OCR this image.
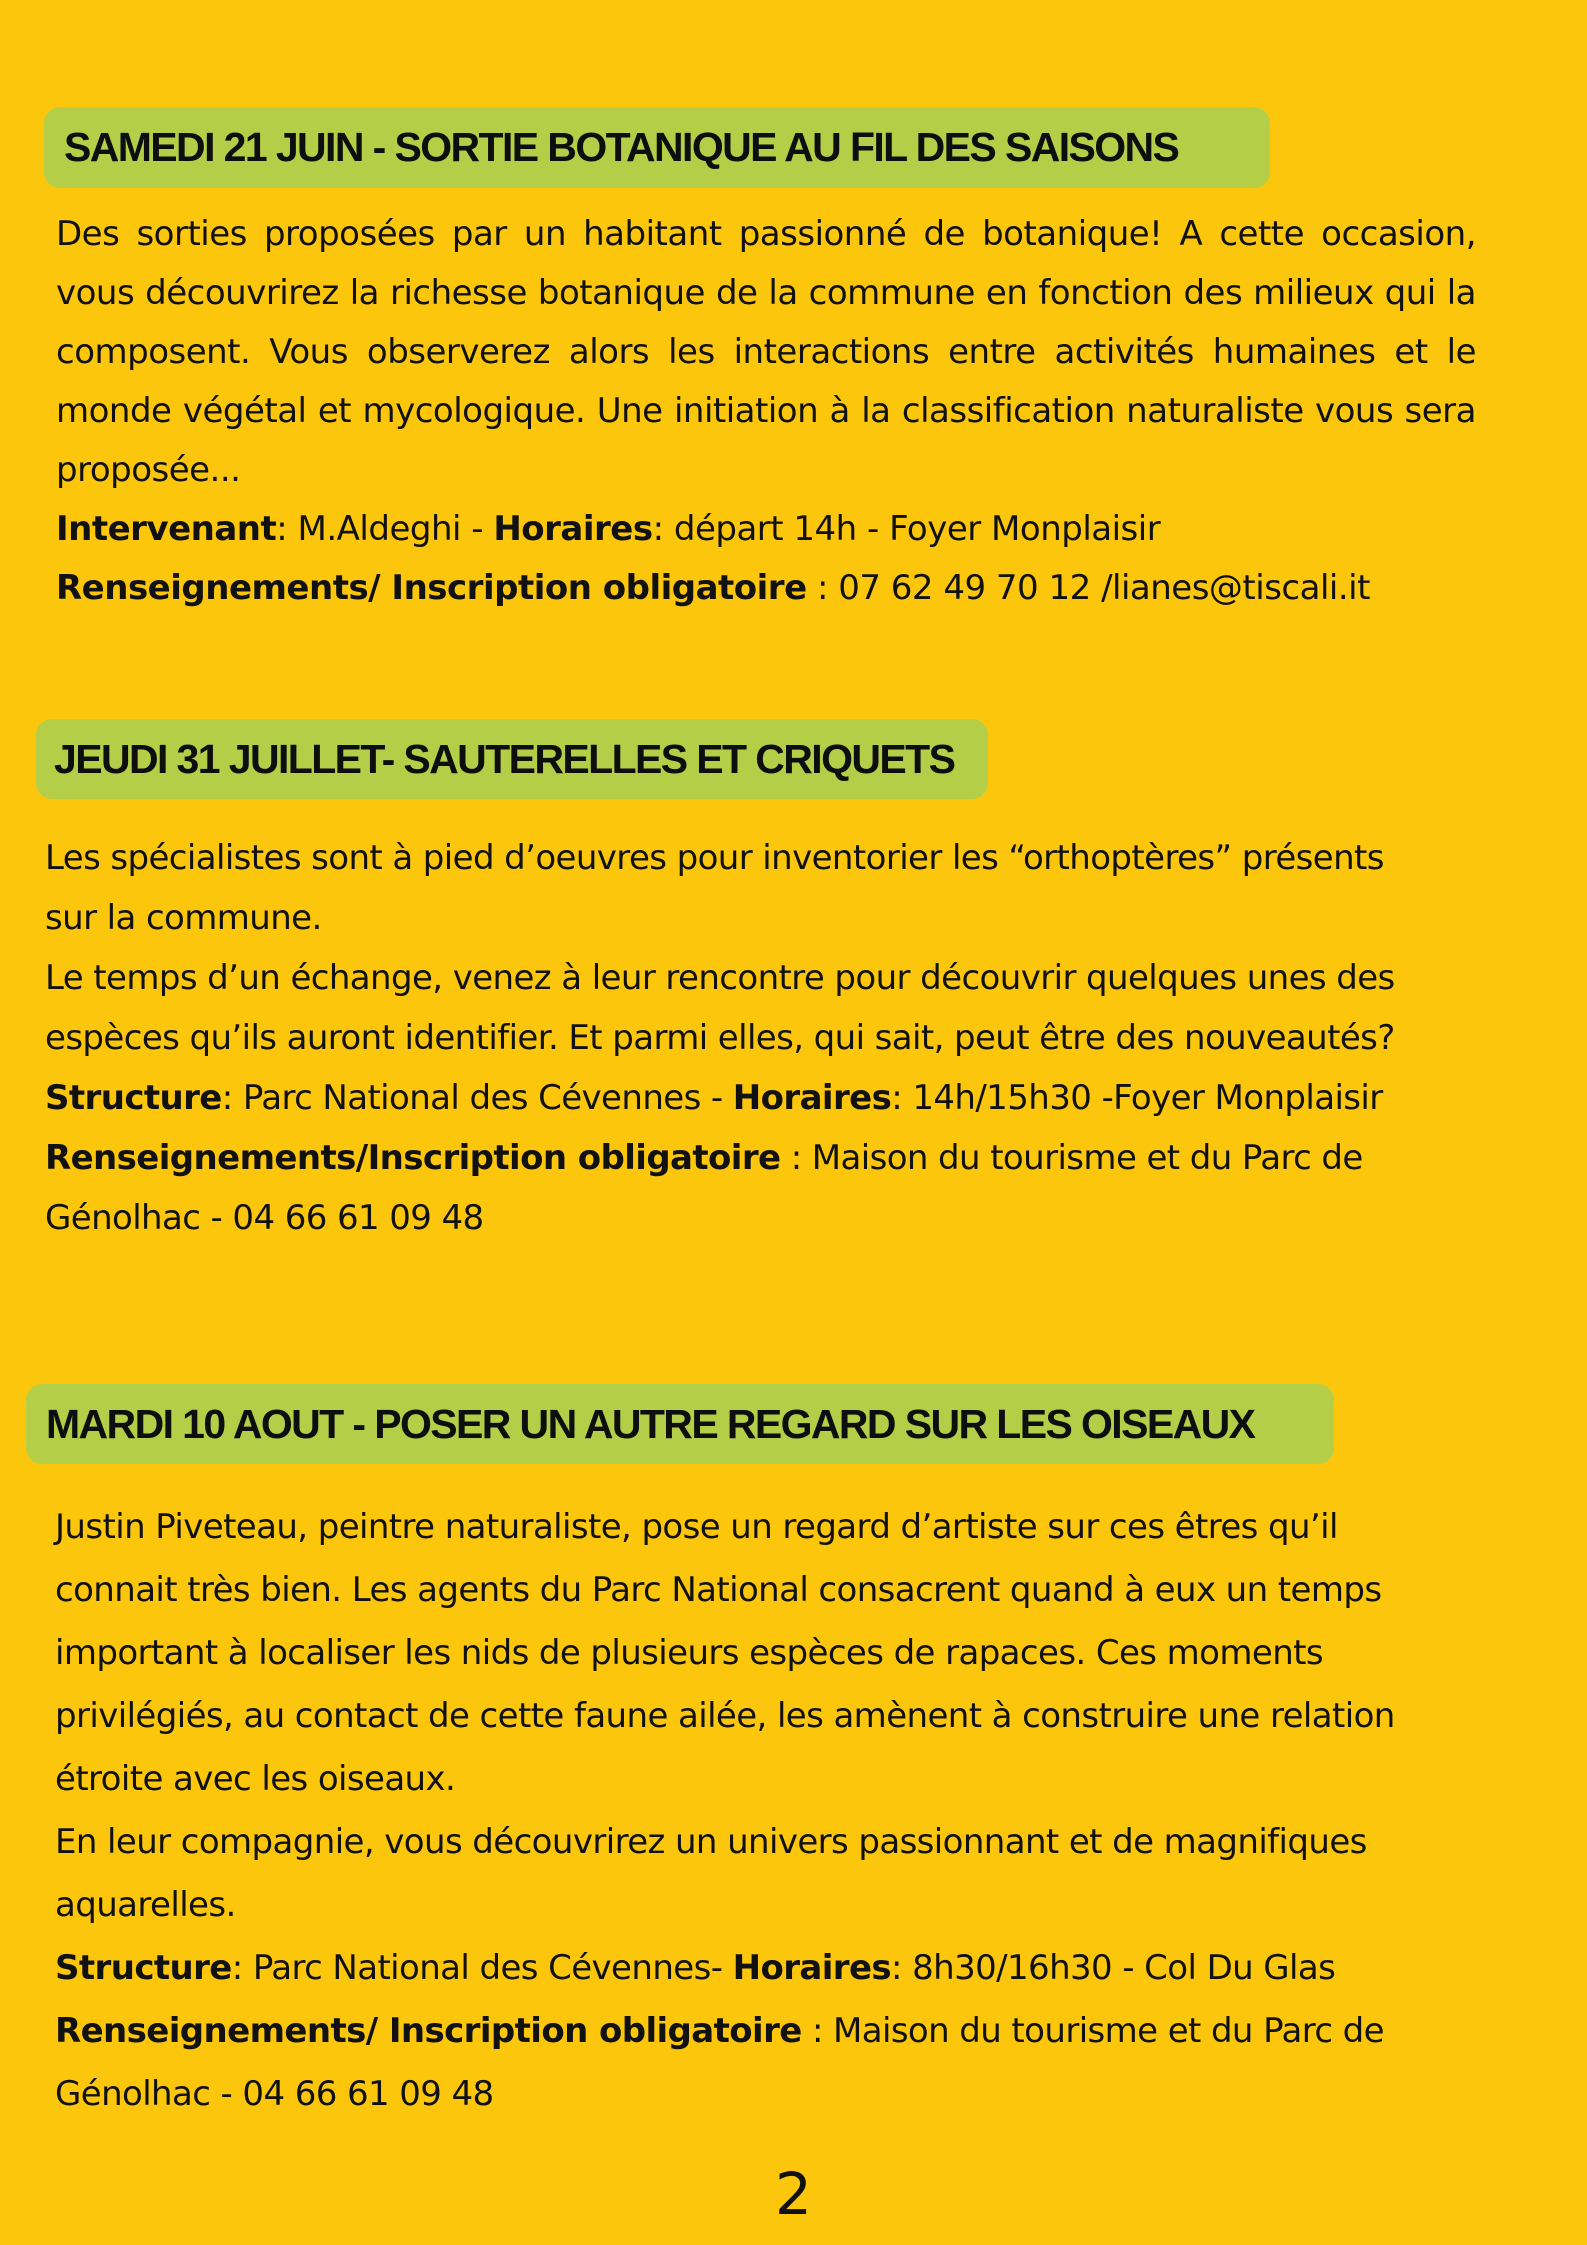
SAMEDI 21 JUIN - SORTIE BOTANIQUE AU FIL DES SAISONS
Des sorties proposées par un habitant passionné de botanique! A cette occasion, vous découvrirez la richesse botanique de la commune en fonction des milieux qui la composent. Vous observerez alors les interactions entre activités humaines et le monde végétal et mycologique. Une initiation à la classification naturaliste vous sera proposée...
Intervenant: M.Aldeghi - Horaires: départ 14h - Foyer Monplaisir
Renseignements/ Inscription obligatoire : 07 62 49 70 12 /lianes@tiscali.it
JEUDI 31 JUILLET- SAUTERELLES ET CRIQUETS
Les spécialistes sont à pied d’oeuvres pour inventorier les “orthoptères” présents
sur la commune.
Le temps d’un échange, venez à leur rencontre pour découvrir quelques unes des
espèces qu’ils auront identifier. Et parmi elles, qui sait, peut être des nouveautés?
Structure: Parc National des Cévennes - Horaires: 14h/15h30 -Foyer Monplaisir
Renseignements/Inscription obligatoire : Maison du tourisme et du Parc de
Génolhac - 04 66 61 09 48
MARDI 10 AOUT - POSER UN AUTRE REGARD SUR LES OISEAUX
Justin Piveteau, peintre naturaliste, pose un regard d’artiste sur ces êtres qu’il
connait très bien. Les agents du Parc National consacrent quand à eux un temps
important à localiser les nids de plusieurs espèces de rapaces. Ces moments
privilégiés, au contact de cette faune ailée, les amènent à construire une relation
étroite avec les oiseaux.
En leur compagnie, vous découvrirez un univers passionnant et de magnifiques
aquarelles.
Structure: Parc National des Cévennes- Horaires: 8h30/16h30 - Col Du Glas
Renseignements/ Inscription obligatoire : Maison du tourisme et du Parc de
Génolhac - 04 66 61 09 48
2
